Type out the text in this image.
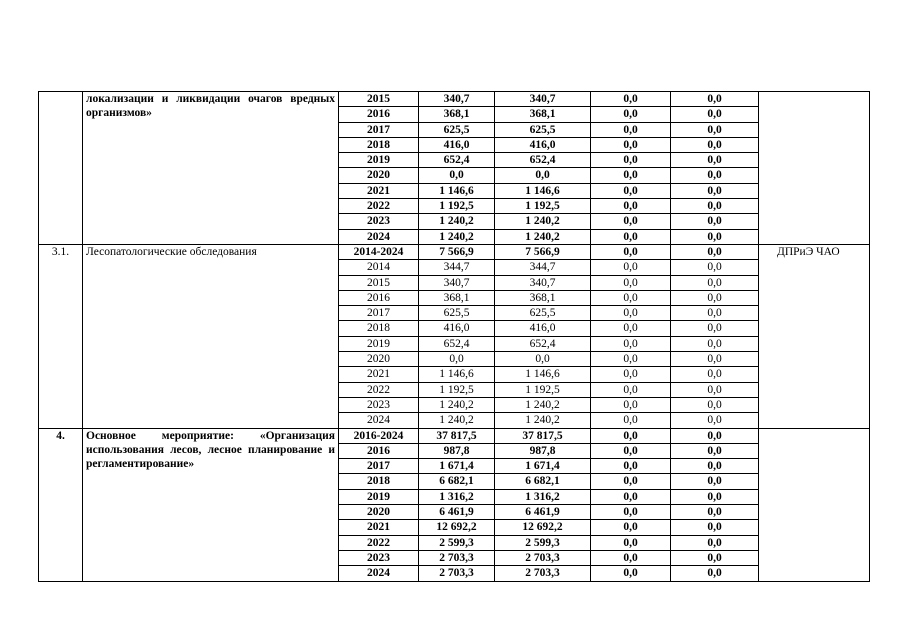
	локализации и ликвидации очагов вредных организмов»	2015	340,7	340,7	0,0	0,0	
		2016	368,1	368,1	0,0	0,0	
		2017	625,5	625,5	0,0	0,0	
		2018	416,0	416,0	0,0	0,0	
		2019	652,4	652,4	0,0	0,0	
		2020	0,0	0,0	0,0	0,0	
		2021	1 146,6	1 146,6	0,0	0,0	
		2022	1 192,5	1 192,5	0,0	0,0	
		2023	1 240,2	1 240,2	0,0	0,0	
		2024	1 240,2	1 240,2	0,0	0,0	
3.1.	Лесопатологические обследования	2014-2024	7 566,9	7 566,9	0,0	0,0	ДПРиЭ ЧАО
		2014	344,7	344,7	0,0	0,0	
		2015	340,7	340,7	0,0	0,0	
		2016	368,1	368,1	0,0	0,0	
		2017	625,5	625,5	0,0	0,0	
		2018	416,0	416,0	0,0	0,0	
		2019	652,4	652,4	0,0	0,0	
		2020	0,0	0,0	0,0	0,0	
		2021	1 146,6	1 146,6	0,0	0,0	
		2022	1 192,5	1 192,5	0,0	0,0	
		2023	1 240,2	1 240,2	0,0	0,0	
		2024	1 240,2	1 240,2	0,0	0,0	
4.	Основное мероприятие: «Организация использования лесов, лесное планирование и регламентирование»	2016-2024	37 817,5	37 817,5	0,0	0,0	
		2016	987,8	987,8	0,0	0,0	
		2017	1 671,4	1 671,4	0,0	0,0	
		2018	6 682,1	6 682,1	0,0	0,0	
		2019	1 316,2	1 316,2	0,0	0,0	
		2020	6 461,9	6 461,9	0,0	0,0	
		2021	12 692,2	12 692,2	0,0	0,0	
		2022	2 599,3	2 599,3	0,0	0,0	
		2023	2 703,3	2 703,3	0,0	0,0	
		2024	2 703,3	2 703,3	0,0	0,0	
